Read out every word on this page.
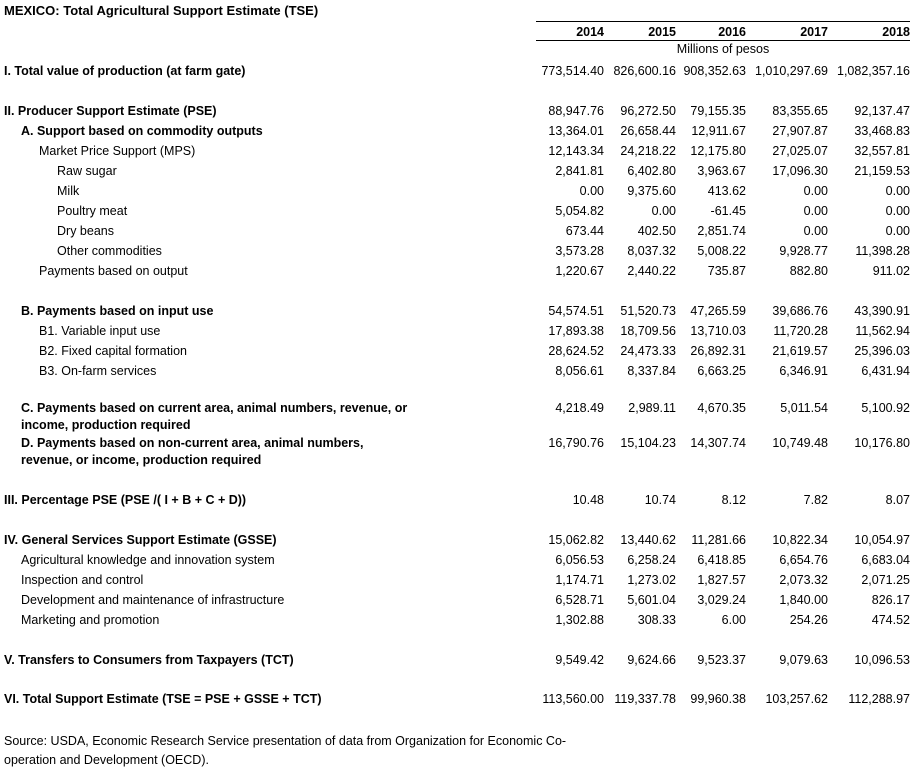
MEXICO: Total Agricultural Support Estimate (TSE)
2014	2015	2016	2017	2018
Millions of pesos
I. Total value of production (at farm gate)	773,514.40 826,600.16 908,352.63 1,010,297.69 1,082,357.16
II. Producer Support Estimate (PSE)	88,947.76	96,272.50	79,155.35	83,355.65	92,137.47
A. Support based on commodity outputs	13,364.01	26,658.44	12,911.67	27,907.87	33,468.83
Market Price Support (MPS)	12,143.34	24,218.22	12,175.80	27,025.07	32,557.81
Raw sugar	2,841.81	6,402.80	3,963.67	17,096.30	21,159.53
Milk	0.00	9,375.60	413.62	0.00	0.00
Poultry meat	5,054.82	0.00	-61.45	0.00	0.00
Dry beans	673.44	402.50	2,851.74	0.00	0.00
Other commodities	3,573.28	8,037.32	5,008.22	9,928.77	11,398.28
Payments based on output	1,220.67	2,440.22	735.87	882.80	911.02
B. Payments based on input use	54,574.51	51,520.73	47,265.59	39,686.76	43,390.91
B1. Variable input use	17,893.38	18,709.56	13,710.03	11,720.28	11,562.94
B2. Fixed capital formation	28,624.52	24,473.33	26,892.31	21,619.57	25,396.03
B3. On-farm services	8,056.61	8,337.84	6,663.25	6,346.91	6,431.94
C. Payments based on current area, animal numbers, revenue, or income, production required
4,218.49	2,989.11	4,670.35	5,011.54	5,100.92
D. Payments based on non-current area, animal numbers, revenue, or income, production required
16,790.76	15,104.23	14,307.74	10,749.48	10,176.80
III. Percentage PSE (PSE /( I + B + C + D))	10.48	10.74	8.12	7.82	8.07
IV. General Services Support Estimate (GSSE)	15,062.82	13,440.62	11,281.66	10,822.34	10,054.97
Agricultural knowledge and innovation system	6,056.53	6,258.24	6,418.85	6,654.76	6,683.04
Inspection and control	1,174.71	1,273.02	1,827.57	2,073.32	2,071.25
Development and maintenance of infrastructure	6,528.71	5,601.04	3,029.24	1,840.00	826.17
Marketing and promotion	1,302.88	308.33	6.00	254.26	474.52
V. Transfers to Consumers from Taxpayers (TCT)	9,549.42	9,624.66	9,523.37	9,079.63	10,096.53
VI. Total Support Estimate (TSE = PSE + GSSE + TCT)	113,560.00 119,337.78	99,960.38	103,257.62	112,288.97
Source: USDA, Economic Research Service presentation of data from Organization for Economic Co-operation and Development (OECD).
